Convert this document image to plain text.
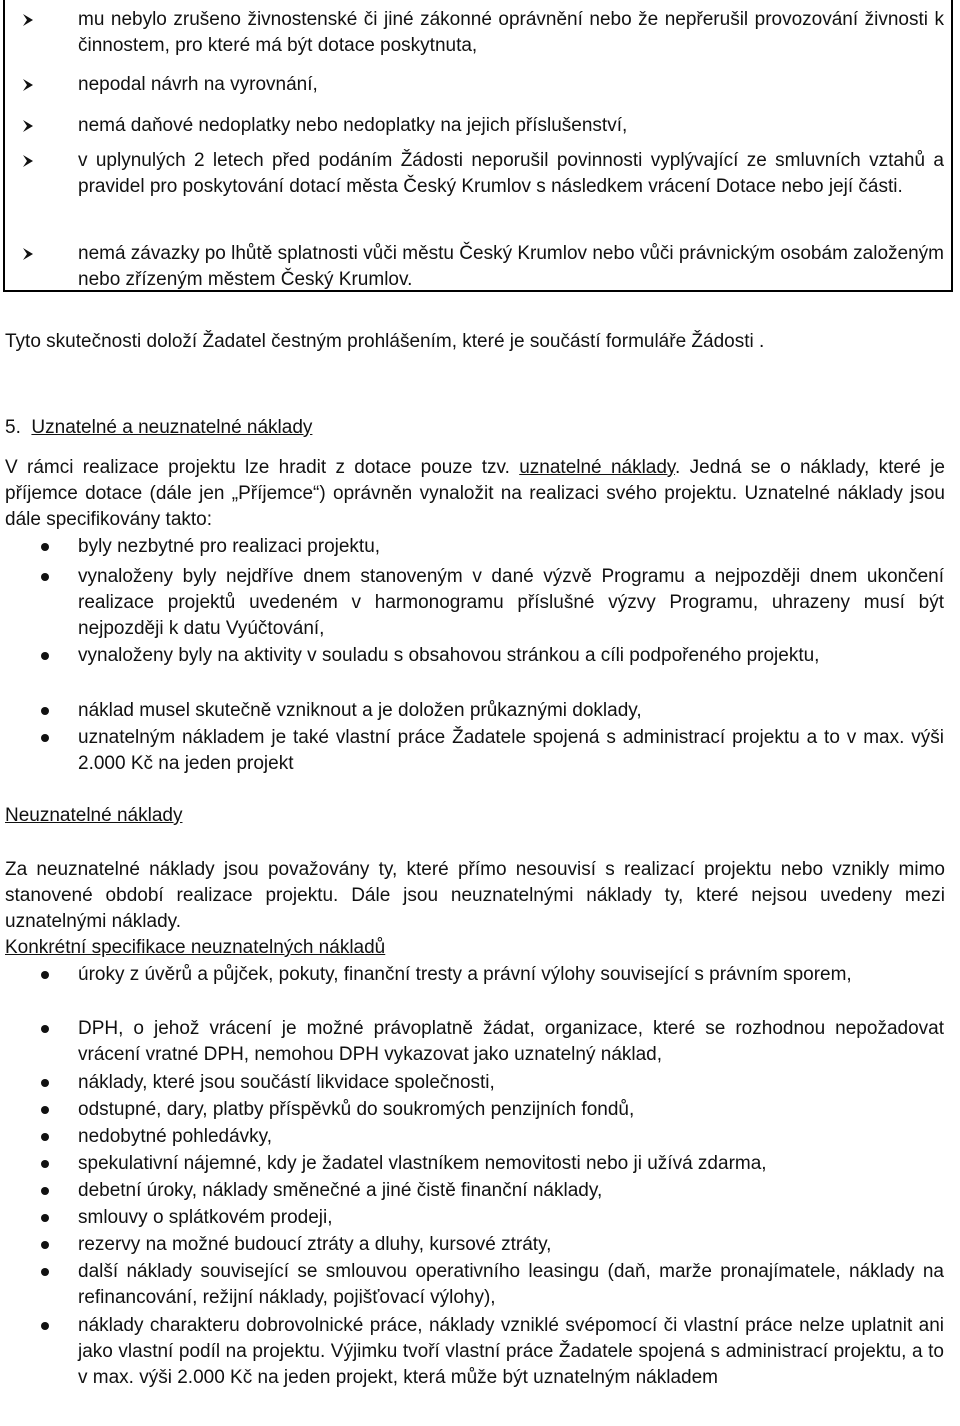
mu nebylo zrušeno živnostenské či jiné zákonné oprávnění nebo že nepřerušil provozování živnosti k činnostem, pro které má být dotace poskytnuta,
nepodal návrh na vyrovnání,
nemá daňové nedoplatky nebo nedoplatky na jejich příslušenství,
v uplynulých 2 letech před podáním Žádosti neporušil povinnosti vyplývající ze smluvních vztahů a pravidel pro poskytování dotací města Český Krumlov s následkem vrácení Dotace nebo její části.
nemá závazky po lhůtě splatnosti vůči městu Český Krumlov nebo vůči právnickým osobám založeným nebo zřízeným městem Český Krumlov.
Tyto skutečnosti doloží Žadatel čestným prohlášením, které je součástí formuláře Žádosti .
5. Uznatelné a neuznatelné náklady
V rámci realizace projektu lze hradit z dotace pouze tzv. uznatelné náklady. Jedná se o náklady, které je příjemce dotace (dále jen „Příjemce“) oprávněn vynaložit na realizaci svého projektu. Uznatelné náklady jsou dále specifikovány takto:
byly nezbytné pro realizaci projektu,
vynaloženy byly nejdříve dnem stanoveným v dané výzvě Programu a nejpozději dnem ukončení realizace projektů uvedeném v harmonogramu příslušné výzvy Programu, uhrazeny musí být nejpozději k datu Vyúčtování,
vynaloženy byly na aktivity v souladu s obsahovou stránkou a cíli podpořeného projektu,
náklad musel skutečně vzniknout a je doložen průkaznými doklady,
uznatelným nákladem je také vlastní práce Žadatele spojená s administrací projektu a to v max. výši 2.000 Kč na jeden projekt
Neuznatelné náklady
Za neuznatelné náklady jsou považovány ty, které přímo nesouvisí s realizací projektu nebo vznikly mimo stanovené období realizace projektu. Dále jsou neuznatelnými náklady ty, které nejsou uvedeny mezi uznatelnými náklady.
Konkrétní specifikace neuznatelných nákladů
úroky z úvěrů a půjček, pokuty, finanční tresty a právní výlohy související s právním sporem,
DPH, o jehož vrácení je možné právoplatně žádat, organizace, které se rozhodnou nepožadovat vrácení vratné DPH, nemohou DPH vykazovat jako uznatelný náklad,
náklady, které jsou součástí likvidace společnosti,
odstupné, dary, platby příspěvků do soukromých penzijních fondů,
nedobytné pohledávky,
spekulativní nájemné, kdy je žadatel vlastníkem nemovitosti nebo ji užívá zdarma,
debetní úroky, náklady směnečné a jiné čistě finanční náklady,
smlouvy o splátkovém prodeji,
rezervy na možné budoucí ztráty a dluhy, kursové ztráty,
další náklady související se smlouvou operativního leasingu (daň, marže pronajímatele, náklady na refinancování, režijní náklady, pojišťovací výlohy),
náklady charakteru dobrovolnické práce, náklady vzniklé svépomocí či vlastní práce nelze uplatnit ani jako vlastní podíl na projektu. Výjimku tvoří vlastní práce Žadatele spojená s administrací projektu, a to v max. výši 2.000 Kč na jeden projekt, která může být uznatelným nákladem
